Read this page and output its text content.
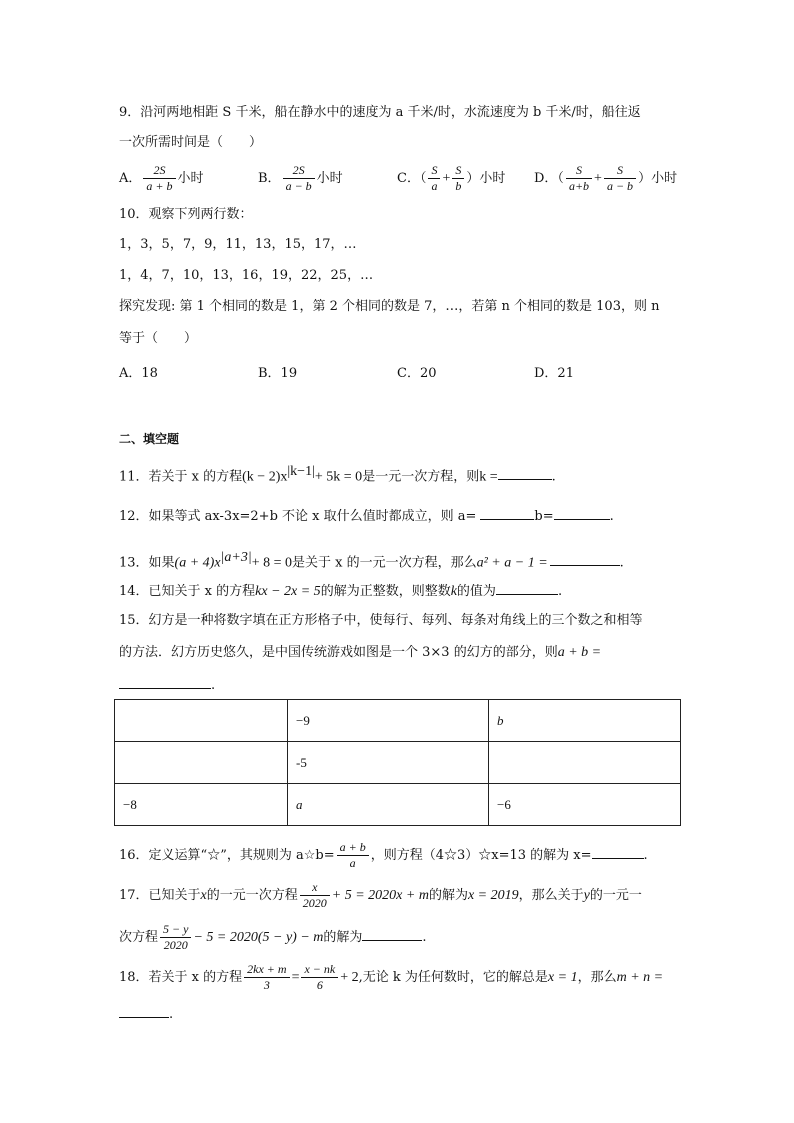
9．沿河两地相距 S 千米，船在静水中的速度为 a 千米/时，水流速度为 b 千米/时，船往返
一次所需时间是（　　）
A． $\frac{2S}{a + b}$ 小时	B． $\frac{2S}{a - b}$ 小时	C．（ $\frac{S}{a} + \frac{S}{b}$ ）小时 D．（ $\frac{S}{a+b} + \frac{S}{a - b}$ ）小时
10．观察下列两行数：
1，3，5，7，9，11，13，15，17，…
1，4，7，10，13，16，19，22，25，…
探究发现: 第 1 个相同的数是 1，第 2 个相同的数是 7，…，若第 n 个相同的数是 103，则 n
等于（　　）
A．18	B．19	C．20	D．21
二、填空题
11．若关于 x 的方程$(k - 2)x^{|k-1|}+ 5k = 0$是一元一次方程，则k =	.
12．如果等式 ax-3x=2+b 不论 x 取什么值时都成立，则 a=	b=	.
13．如果$(a + 4)x^{|a+3|}+ 8 = 0$是关于 x 的一元一次方程，那么a² + a − 1 =	.
14．已知关于 x 的方程kx − 2x = 5的解为正整数，则整数k的值为	.
15．幻方是一种将数字填在正方形格子中，使每行、每列、每条对角线上的三个数之和相等
的方法．幻方历史悠久，是中国传统游戏如图是一个 3×3 的幻方的部分，则a + b =
.
	−9	b
	-5	
−8	a	−6
16．定义运算“☆”，其规则为 a☆b= $\frac{a + b}{a}$ ，则方程（4☆3）☆x=13 的解为 x=	.
17．已知关于x的一元一次方程 $\frac{x}{2020} + 5 = 2020x + m$的解为x = 2019，那么关于y的一元一
次方程 $\frac{5 - y}{2020} - 5 = 2020(5 - y) - m$的解为	.
18．若关于 x 的方程 $\frac{2kx + m}{3} = \frac{x - nk}{6} + 2$,无论 k 为任何数时，它的解总是x = 1，那么m + n =
.
